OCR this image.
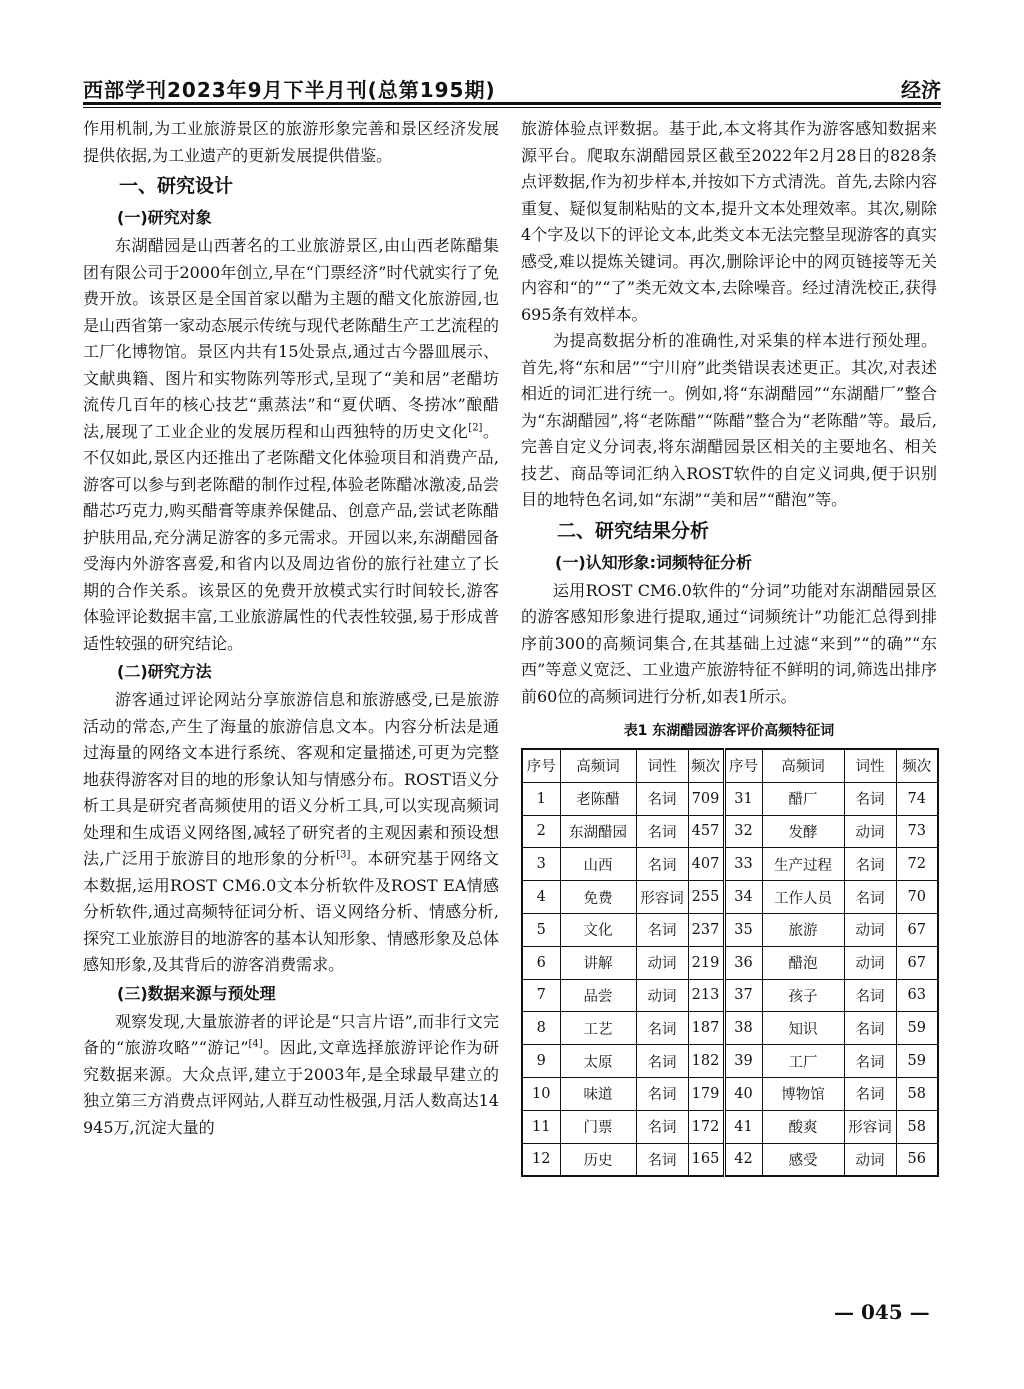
西部学刊2023年9月下半月刊(总第195期)	经济

作用机制,为工业旅游景区的旅游形象完善和景区经济发展提供依据,为工业遗产的更新发展提供借鉴。

一、研究设计
(一)研究对象

东湖醋园是山西著名的工业旅游景区,由山西老陈醋集团有限公司于2000年创立,早在“门票经济”时代就实行了免费开放。该景区是全国首家以醋为主题的醋文化旅游园,也是山西省第一家动态展示传统与现代老陈醋生产工艺流程的工厂化博物馆。景区内共有15处景点,通过古今器皿展示、文献典籍、图片和实物陈列等形式,呈现了“美和居”老醋坊流传几百年的核心技艺“熏蒸法”和“夏伏晒、冬捞冰”酿醋法,展现了工业企业的发展历程和山西独特的历史文化[2]。不仅如此,景区内还推出了老陈醋文化体验项目和消费产品,游客可以参与到老陈醋的制作过程,体验老陈醋冰激凌,品尝醋芯巧克力,购买醋膏等康养保健品、创意产品,尝试老陈醋护肤用品,充分满足游客的多元需求。开园以来,东湖醋园备受海内外游客喜爱,和省内以及周边省份的旅行社建立了长期的合作关系。该景区的免费开放模式实行时间较长,游客体验评论数据丰富,工业旅游属性的代表性较强,易于形成普适性较强的研究结论。

(二)研究方法

游客通过评论网站分享旅游信息和旅游感受,已是旅游活动的常态,产生了海量的旅游信息文本。内容分析法是通过海量的网络文本进行系统、客观和定量描述,可更为完整地获得游客对目的地的形象认知与情感分布。ROST语义分析工具是研究者高频使用的语义分析工具,可以实现高频词处理和生成语义网络图,减轻了研究者的主观因素和预设想法,广泛用于旅游目的地形象的分析[3]。本研究基于网络文本数据,运用ROST CM6.0文本分析软件及ROST EA情感分析软件,通过高频特征词分析、语义网络分析、情感分析,探究工业旅游目的地游客的基本认知形象、情感形象及总体感知形象,及其背后的游客消费需求。

(三)数据来源与预处理

观察发现,大量旅游者的评论是“只言片语”,而非行文完备的“旅游攻略”“游记”[4]。因此,文章选择旅游评论作为研究数据来源。大众点评,建立于2003年,是全球最早建立的独立第三方消费点评网站,人群互动性极强,月活人数高达14 945万,沉淀大量的

旅游体验点评数据。基于此,本文将其作为游客感知数据来源平台。爬取东湖醋园景区截至2022年2月28日的828条点评数据,作为初步样本,并按如下方式清洗。首先,去除内容重复、疑似复制粘贴的文本,提升文本处理效率。其次,剔除4个字及以下的评论文本,此类文本无法完整呈现游客的真实感受,难以提炼关键词。再次,删除评论中的网页链接等无关内容和“的”“了”类无效文本,去除噪音。经过清洗校正,获得695条有效样本。

为提高数据分析的准确性,对采集的样本进行预处理。首先,将“东和居”“宁川府”此类错误表述更正。其次,对表述相近的词汇进行统一。例如,将“东湖醋园”“东湖醋厂”整合为“东湖醋园”,将“老陈醋”“陈醋”整合为“老陈醋”等。最后,完善自定义分词表,将东湖醋园景区相关的主要地名、相关技艺、商品等词汇纳入ROST软件的自定义词典,便于识别目的地特色名词,如“东湖”“美和居”“醋泡”等。

二、研究结果分析
(一)认知形象:词频特征分析

运用ROST CM6.0软件的“分词”功能对东湖醋园景区的游客感知形象进行提取,通过“词频统计”功能汇总得到排序前300的高频词集合,在其基础上过滤“来到”“的确”“东西”等意义宽泛、工业遗产旅游特征不鲜明的词,筛选出排序前60位的高频词进行分析,如表1所示。

表1 东湖醋园游客评价高频特征词
序号	高频词	词性	频次	序号	高频词	词性	频次
1	老陈醋	名词	709	31	醋厂	名词	74
2	东湖醋园	名词	457	32	发酵	动词	73
3	山西	名词	407	33	生产过程	名词	72
4	免费	形容词	255	34	工作人员	名词	70
5	文化	名词	237	35	旅游	动词	67
6	讲解	动词	219	36	醋泡	动词	67
7	品尝	动词	213	37	孩子	名词	63
8	工艺	名词	187	38	知识	名词	59
9	太原	名词	182	39	工厂	名词	59
10	味道	名词	179	40	博物馆	名词	58
11	门票	名词	172	41	酸爽	形容词	58
12	历史	名词	165	42	感受	动词	56
— 045 —
